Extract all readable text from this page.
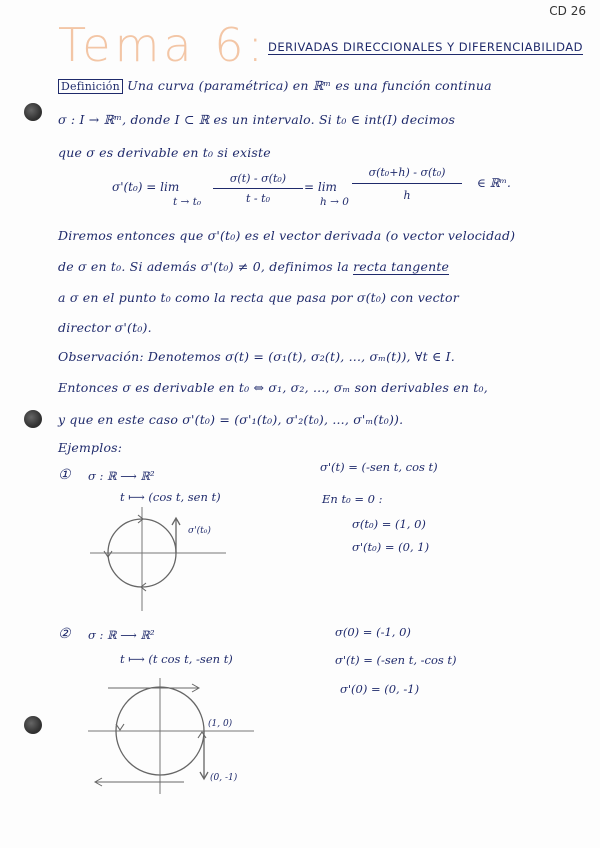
CD 26
Tema 6: DERIVADAS DIRECCIONALES Y DIFERENCIABILIDAD
Definición Una curva (paramétrica) en ℝᵐ es una función continua
σ : I → ℝᵐ, donde I ⊂ ℝ es un intervalo. Si t₀ ∈ int(I) decimos
que σ es derivable en t₀ si existe
σ'(t₀) = lim
t → t₀
σ(t) - σ(t₀)
t - t₀
= lim
h → 0
σ(t₀+h) - σ(t₀)
h
∈ ℝᵐ.
Diremos entonces que σ'(t₀) es el vector derivada (o vector velocidad)
de σ en t₀. Si además σ'(t₀) ≠ 0, definimos la recta tangente
a σ en el punto t₀ como la recta que pasa por σ(t₀) con vector
director σ'(t₀).
Observación: Denotemos σ(t) = (σ₁(t), σ₂(t), ..., σₘ(t)), ∀t ∈ I.
Entonces σ es derivable en t₀ ⇔ σ₁, σ₂, ..., σₘ son derivables en t₀,
y que en este caso σ'(t₀) = (σ'₁(t₀), σ'₂(t₀), ..., σ'ₘ(t₀)).
Ejemplos:
① σ : ℝ ⟶ ℝ²
t ⟼ (cos t, sen t)
σ'(t) = (-sen t, cos t)
En t₀ = 0 :
σ(t₀) = (1, 0)
σ'(t₀) = (0, 1)
σ'(t₀)
② σ : ℝ ⟶ ℝ²
t ⟼ (t cos t, -sen t)
σ(0) = (-1, 0)
σ'(t) = (-sen t, -cos t)
σ'(0) = (0, -1)
(1, 0)
(0, -1)
